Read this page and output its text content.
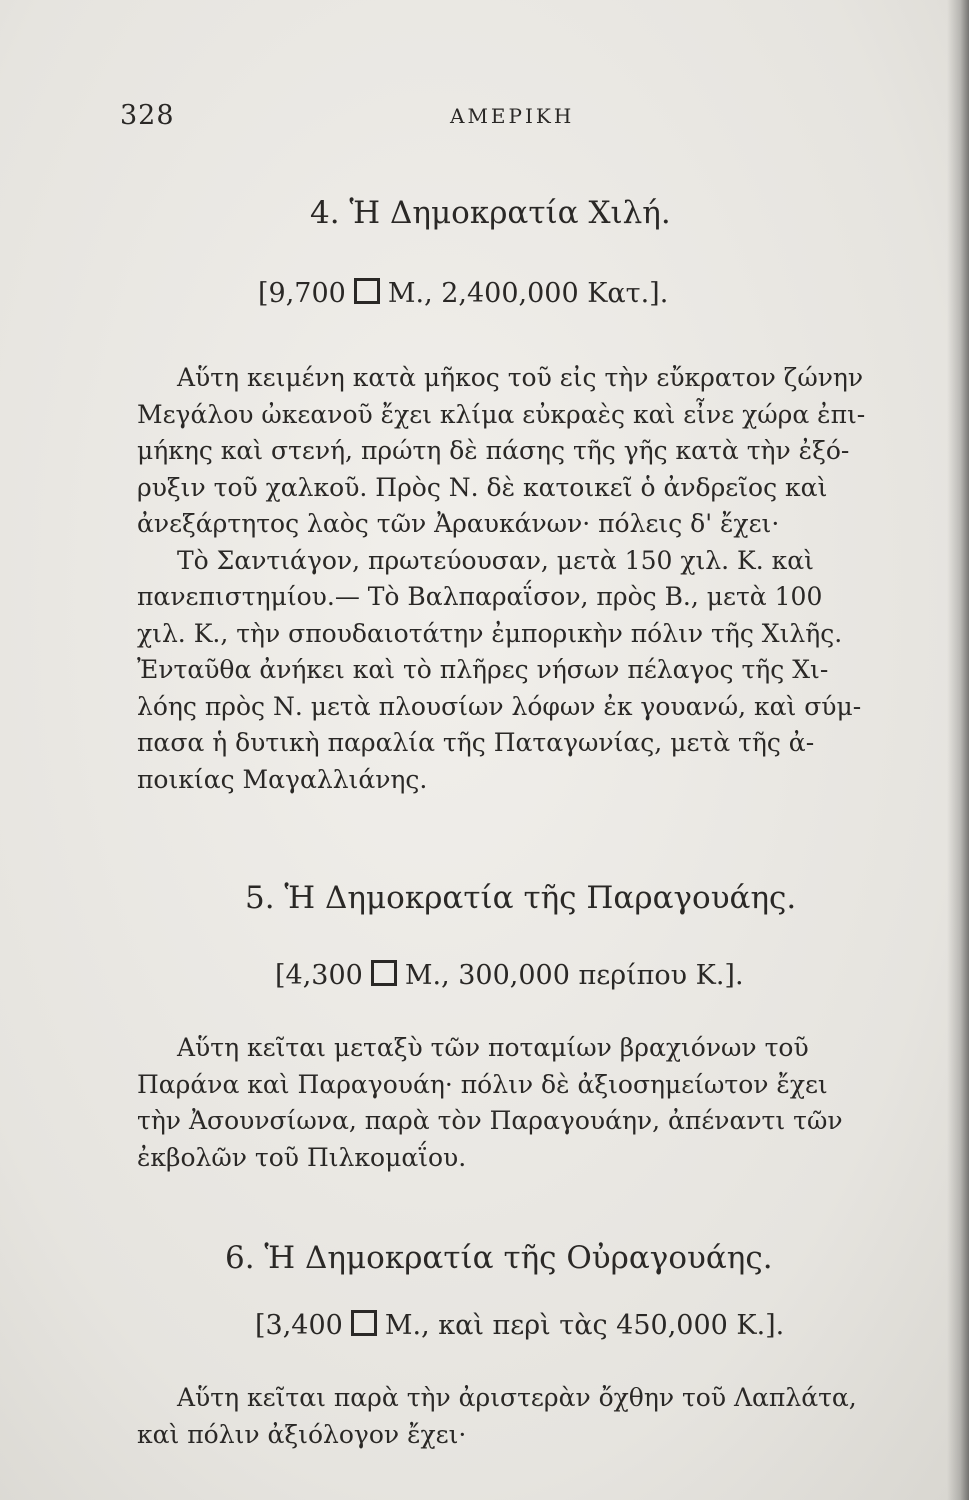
328	ΑΜΕΡΙΚΗ
4. Ἡ Δημοκρατία Χιλή.
[9,700 Μ., 2,400,000 Κατ.].
Αὕτη κειμένη κατὰ μῆκος τοῦ εἰς τὴν εὔκρατον ζώνην
Μεγάλου ὠκεανοῦ ἔχει κλίμα εὐκραὲς καὶ εἶνε χώρα ἐπι-
μήκης καὶ στενή, πρώτη δὲ πάσης τῆς γῆς κατὰ τὴν ἐξό-
ρυξιν τοῦ χαλκοῦ. Πρὸς Ν. δὲ κατοικεῖ ὁ ἀνδρεῖος καὶ
ἀνεξάρτητος λαὸς τῶν Ἀραυκάνων· πόλεις δ' ἔχει·
Τὸ Σαντιάγον, πρωτεύουσαν, μετὰ 150 χιλ. Κ. καὶ
πανεπιστημίου.— Τὸ Βαλπαραΐσον, πρὸς Β., μετὰ 100
χιλ. Κ., τὴν σπουδαιοτάτην ἐμπορικὴν πόλιν τῆς Χιλῆς.
Ἐνταῦθα ἀνήκει καὶ τὸ πλῆρες νήσων πέλαγος τῆς Χι-
λόης πρὸς Ν. μετὰ πλουσίων λόφων ἐκ γουανώ, καὶ σύμ-
πασα ἡ δυτικὴ παραλία τῆς Παταγωνίας, μετὰ τῆς ἀ-
ποικίας Μαγαλλιάνης.
5. Ἡ Δημοκρατία τῆς Παραγουάης.
[4,300 Μ., 300,000 περίπου Κ.].
Αὕτη κεῖται μεταξὺ τῶν ποταμίων βραχιόνων τοῦ
Παράνα καὶ Παραγουάη· πόλιν δὲ ἀξιοσημείωτον ἔχει
τὴν Ἀσουνσίωνα, παρὰ τὸν Παραγουάην, ἀπέναντι τῶν
ἐκβολῶν τοῦ Πιλκομαΐου.
6. Ἡ Δημοκρατία τῆς Οὐραγουάης.
[3,400 Μ., καὶ περὶ τὰς 450,000 Κ.].
Αὕτη κεῖται παρὰ τὴν ἀριστερὰν ὄχθην τοῦ Λαπλάτα,
καὶ πόλιν ἀξιόλογον ἔχει·
